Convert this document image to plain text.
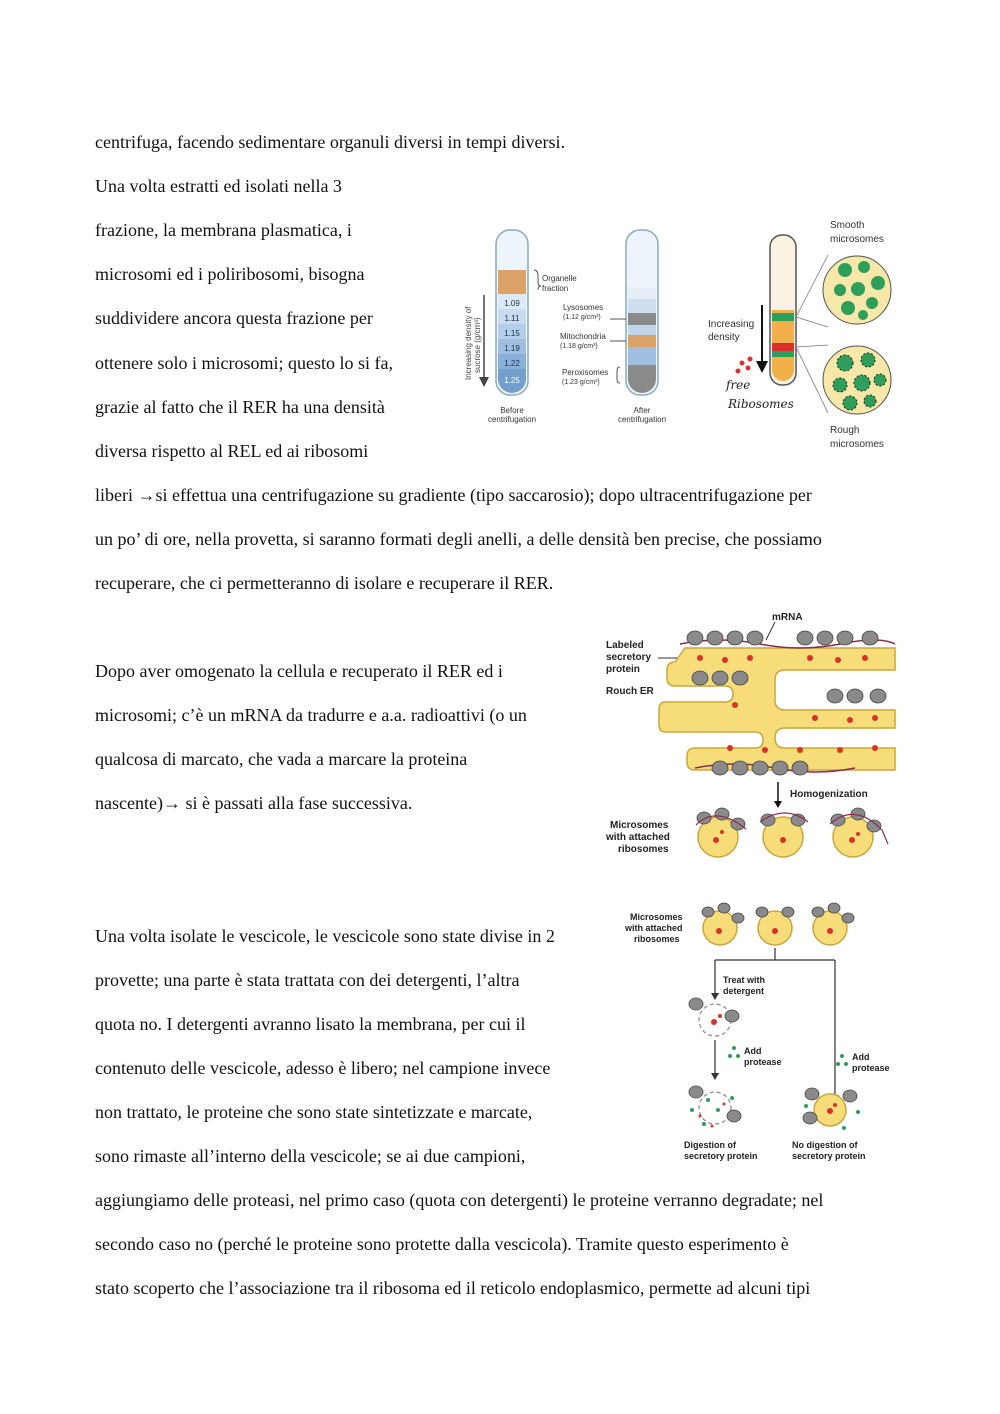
centrifuga, facendo sedimentare organuli diversi in tempi diversi.
Una volta estratti ed isolati nella 3
frazione, la membrana plasmatica, i
microsomi ed i poliribosomi, bisogna
suddividere ancora questa frazione per
ottenere solo i microsomi; questo lo si fa,
grazie al fatto che il RER ha una densità
diversa rispetto al REL ed ai ribosomi
liberi →si effettua una centrifugazione su gradiente (tipo saccarosio); dopo ultracentrifugazione per
un po’ di ore, nella provetta, si saranno formati degli anelli, a delle densità ben precise, che possiamo
recuperare, che ci permetteranno di isolare e recuperare il RER.
Dopo aver omogenato la cellula e recuperato il RER ed i
microsomi; c’è un mRNA da tradurre e a.a. radioattivi (o un
qualcosa di marcato, che vada a marcare la proteina
nascente)→ si è passati alla fase successiva.
Una volta isolate le vescicole, le vescicole sono state divise in 2
provette; una parte è stata trattata con dei detergenti, l’altra
quota no. I detergenti avranno lisato la membrana, per cui il
contenuto delle vescicole, adesso è libero; nel campione invece
non trattato, le proteine che sono state sintetizzate e marcate,
sono rimaste all’interno della vescicole; se ai due campioni,
aggiungiamo delle proteasi, nel primo caso (quota con detergenti) le proteine verranno degradate; nel
secondo caso no (perché le proteine sono protette dalla vescicola). Tramite questo esperimento è
stato scoperto che l’associazione tra il ribosoma ed il reticolo endoplasmico, permette ad alcuni tipi
Increasing density of sucrose (g/cm³)
1.09
1.11
1.15
1.19
1.22
1.25
Organelle
fraction
Lysosomes
(1.12 g/cm³)
Mitochondria
(1.18 g/cm³)
Peroxisomes
(1.23 g/cm³)
Before
centrifugation
After
centrifugation
Smooth
microsomes
Increasing
density
Rough
microsomes
free
Ribosomes
mRNA
Labeled
secretory
protein
Rouch ER
Homogenization
Microsomes
with attached
ribosomes
Microsomes
with attached
ribosomes
Treat with
detergent
Add
protease	Add
protease
Digestion of
secretory protein
No digestion of
secretory protein
